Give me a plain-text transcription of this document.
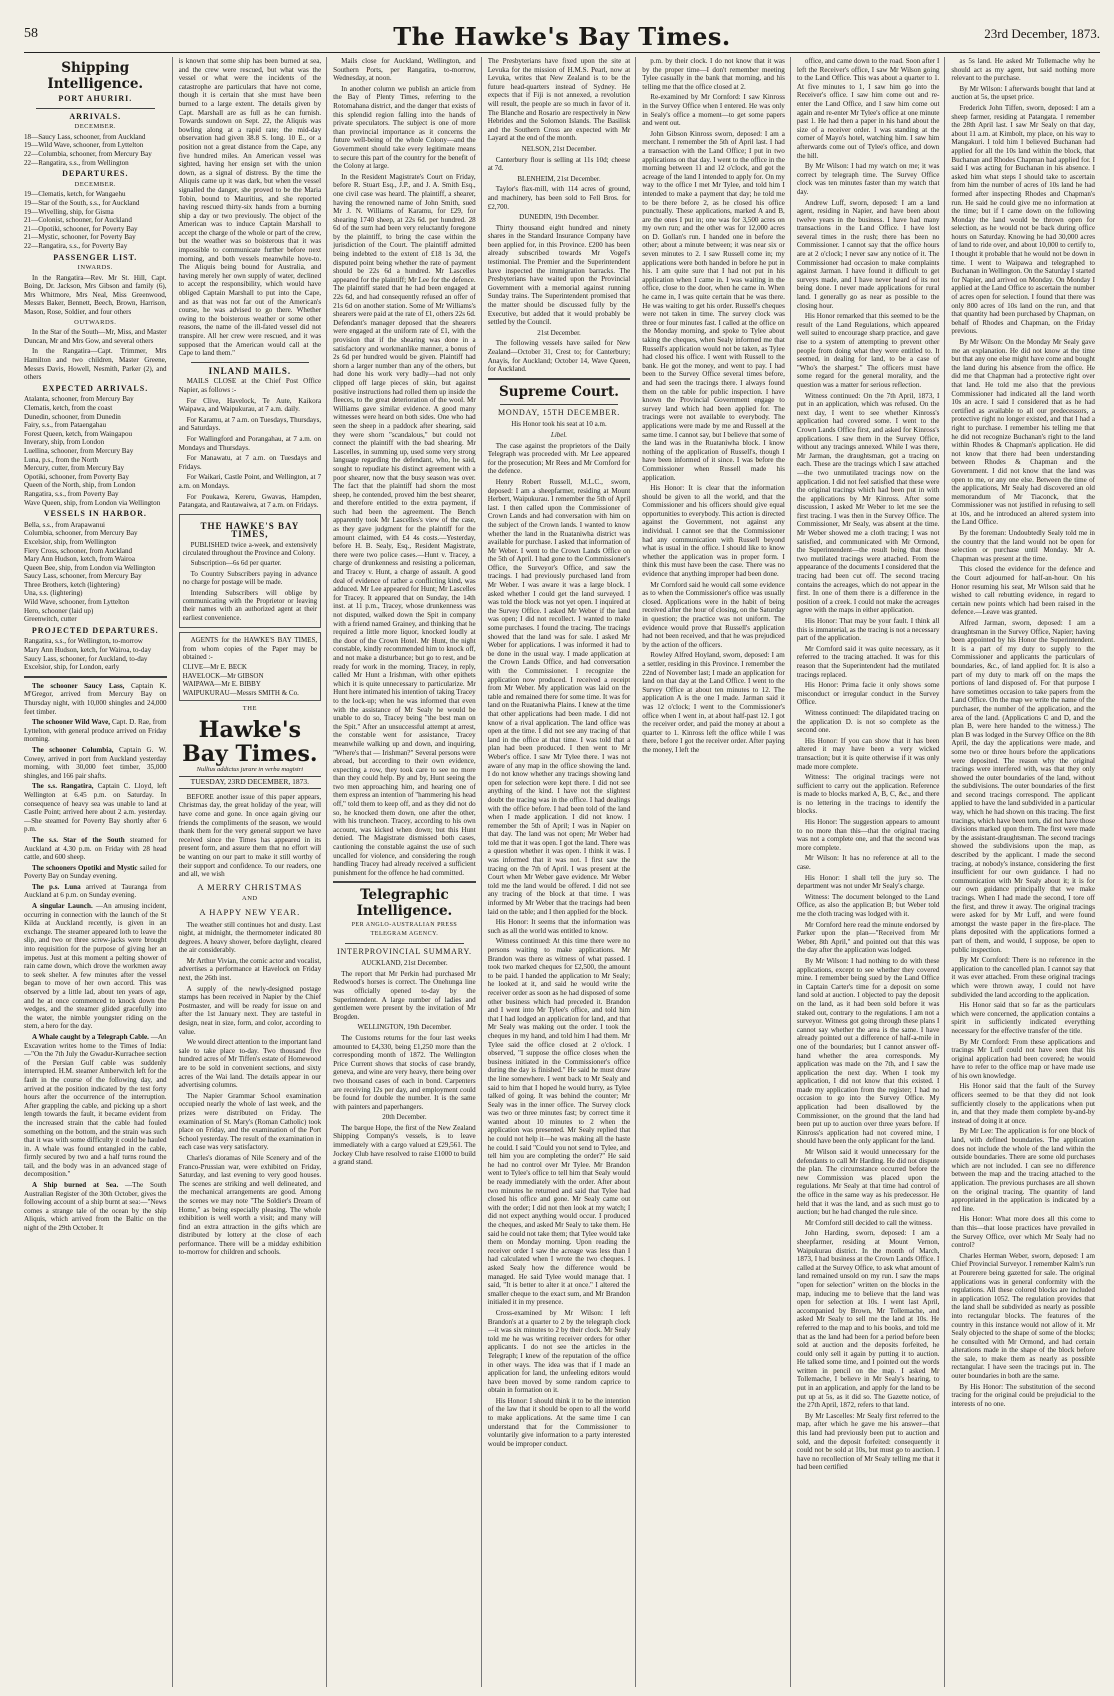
58	The Hawke's Bay Times.	23rd December, 1873.
Shipping Intelligence.
PORT AHURIRI.
ARRIVALS.
DECEMBER.

18—Saucy Lass, schooner, from Auckland

19—Wild Wave, schooner, from Lyttelton

22—Columbia, schooner, from Mercury Bay

22—Rangatira, s.s., from Wellington

DEPARTURES.
DECEMBER.

19—Clematis, ketch, for Wangaehu

19—Star of the South, s.s., for Auckland

19—Wivelling, ship, for Gisma

21—Colonist, schooner, for Auckland

21—Opotiki, schooner, for Poverty Bay

21—Mystic, schooner, for Poverty Bay

22—Rangatira, s.s., for Poverty Bay

PASSENGER LIST.
INWARDS.

In the Rangatira—Rev. Mr St. Hill, Capt. Boing, Dr. Jackson, Mrs Gibson and family (6), Mrs Whitmore, Mrs Neal, Miss Greenwood, Messrs Baker, Bennett, Beech, Brown, Harrison, Mason, Rose, Soldier, and four others

OUTWARDS.

In the Star of the South—Mr, Miss, and Master Duncan, Mr and Mrs Gow, and several others

In the Rangatira—Capt. Trimmer, Mrs Hamilton and two children, Master Greene, Messrs Davis, Howell, Nesmith, Parker (2), and others

EXPECTED ARRIVALS.

Atalanta, schooner, from Mercury Bay

Clematis, ketch, from the coast

Dunedin, schooner, from Dunedin

Fairy, s.s., from Pataengahau

Forest Queen, ketch, from Waingapou

Inverary, ship, from London

Luellina, schooner, from Mercury Bay

Luna, p.s., from the North

Mercury, cutter, from Mercury Bay

Opotiki, schooner, from Poverty Bay

Queen of the North, ship, from London

Rangatira, s.s., from Poverty Bay

Wave Queen, ship, from London via Wellington

VESSELS IN HARBOR.

Bella, s.s., from Arapawanui

Columbia, schooner, from Mercury Bay

Excelsior, ship, from Wellington

Fiery Cross, schooner, from Auckland

Mary Ann Hudson, ketch, from Wairoa

Queen Bee, ship, from London via Wellington

Saucy Lass, schooner, from Mercury Bay

Three Brothers, ketch (lightering)

Una, s.s. (lightering)

Wild Wave, schooner, from Lyttelton

Hero, schooner (laid up)

Greenwitch, cutter

PROJECTED DEPARTURES.

Rangatira, s.s., for Wellington, to-morrow

Mary Ann Hudson, ketch, for Wairoa, to-day

Saucy Lass, schooner, for Auckland, to-day

Excelsior, ship, for London, early

The schooner Saucy Lass, Captain K. M'Gregor, arrived from Mercury Bay on Thursday night, with 10,000 shingles and 24,000 feet timber.

The schooner Wild Wave, Capt. D. Rae, from Lyttelton, with general produce arrived on Friday morning.

The schooner Columbia, Captain G. W. Cowey, arrived in port from Auckland yesterday morning, with 30,000 feet timber, 35,000 shingles, and 166 pair shafts.

The s.s. Rangatira, Captain C. Lloyd, left Wellington at 6.45 p.m. on Saturday. In consequence of heavy sea was unable to land at Castle Point; arrived here about 2 a.m. yesterday.—She steamed for Poverty Bay shortly after 6 p.m.

The s.s. Star of the South steamed for Auckland at 4.30 p.m. on Friday with 28 head cattle, and 600 sheep.

The schooners Opotiki and Mystic sailed for Poverty Bay on Sunday evening.

The p.s. Luna arrived at Tauranga from Auckland at 6 p.m. on Sunday evening.

A singular Launch. —An amusing incident, occurring in connection with the launch of the St Kilda at Auckland recently, is given in an exchange. The steamer appeared loth to leave the slip, and two or three screw-jacks were brought into requisition for the purpose of giving her an impetus. Just at this moment a pelting shower of rain came down, which drove the workmen away to seek shelter. A few minutes after the vessel began to move of her own accord. This was observed by a little lad, about ten years of age, and he at once commenced to knock down the wedges, and the steamer glided gracefully into the water, the nimble youngster riding on the stem, a hero for the day.

A Whale caught by a Telegraph Cable. —An Excavation writes home to the Times of India:—"On the 7th July the Gwadur-Kurrachee section of the Persian Gulf cable was suddenly interrupted. H.M. steamer Amberwitch left for the fault in the course of the following day, and arrived at the position indicated by the test forty hours after the occurrence of the interruption. After grappling the cable, and picking up a short length towards the fault, it became evident from the increased strain that the cable had fouled something on the bottom, and the strain was such that it was with some difficulty it could be hauled in. A whale was found entangled in the cable, firmly secured by two and a half turns round the tail, and the body was in an advanced stage of decomposition."

A Ship burned at Sea. —The South Australian Register of the 30th October, gives the following account of a ship burnt at sea:—"News comes a strange tale of the ocean by the ship Aliquis, which arrived from the Baltic on the night of the 29th October. It

is known that some ship has been burned at sea, and the crew were rescued, but what was the vessel or what were the incidents of the catastrophe are particulars that have not come, though it is certain that she must have been burned to a large extent. The details given by Capt. Marshall are as full as he can furnish. Towards sundown on Sept. 22, the Aliquis was bowling along at a rapid rate; the mid-day observation had given 38.8 S. long. 10 E., or a position not a great distance from the Cape, any five hundred miles. An American vessel was sighted, having her ensign set with the union down, as a signal of distress. By the time the Aliquis came up it was dark, but when the vessel signalled the danger, she proved to be the Maria Tobin, bound to Mauritius, and she reported having rescued thirty-six hands from a burning ship a day or two previously. The object of the American was to induce Captain Marshall to accept the charge of the whole or part of the crew, but the weather was so boisterous that it was impossible to communicate further before next morning, and both vessels meanwhile hove-to. The Aliquis being bound for Australia, and having merely her own supply of water, declined to accept the responsibility, which would have obliged Captain Marshall to put into the Cape, and as that was not far out of the American's course, he was advised to go there. Whether owing to the boisterous weather or some other reasons, the name of the ill-fated vessel did not transpire. All her crew were rescued, and it was supposed that the American would call at the Cape to land them."

INLAND MAILS.

MAILS CLOSE at the Chief Post Office Napier, as follows :-

For Clive, Havelock, Te Aute, Kaikora Waipawa, and Waipukurau, at 7 a.m. daily.

For Karamu, at 7 a.m. on Tuesdays, Thursdays, and Saturdays.

For Wallingford and Porangahau, at 7 a.m. on Mondays and Thursdays.

For Manawatu, at 7 a.m. on Tuesdays and Fridays.

For Waikari, Castle Point, and Wellington, at 7 a.m. on Mondays.

For Poukawa, Kereru, Gwavas, Hampden, Patangata, and Rautawaiwa, at 7 a.m. on Fridays.

THE HAWKE'S BAY TIMES,

PUBLISHED twice a-week, and extensively circulated throughout the Province and Colony.

Subscription—6s 6d per quarter.

To Country Subscribers paying in advance no charge for postage will be made.

Intending Subscribers will oblige by communicating with the Proprietor or leaving their names with an authorized agent at their earliest convenience.

AGENTS for the HAWKE'S BAY TIMES, from whom copies of the Paper may be obtained :-

CLIVE—Mr E. BECK

HAVELOCK—Mr GIBSON

WAIPAWA—Mr E. BIBBY

WAIPUKURAU—Messrs SMITH & Co.

THE
Hawke's Bay Times.
Nullius addictus jurare in verba magistri
TUESDAY, 23RD DECEMBER, 1873.

BEFORE another issue of this paper appears, Christmas day, the great holiday of the year, will have come and gone. In once again giving our friends the compliments of the season, we would thank them for the very general support we have received since the Times has appeared in its present form, and assure them that no effort will be wanting on our part to make it still worthy of their support and confidence. To our readers, one and all, we wish

A MERRY CHRISTMAS
AND
A HAPPY NEW YEAR.

The weather still continues hot and dusty. Last night, at midnight, the thermometer indicated 80 degrees. A heavy shower, before daylight, cleared the air considerably.

Mr Arthur Vivian, the comic actor and vocalist, advertises a performance at Havelock on Friday next, the 26th inst.

A supply of the newly-designed postage stamps has been received in Napier by the Chief Postmaster, and will be ready for issue on and after the 1st January next. They are tasteful in design, neat in size, form, and color, according to value.

We would direct attention to the important land sale to take place to-day. Two thousand five hundred acres of Mr Tiffen's estate of Homewood are to be sold in convenient sections, and sixty acres of the Wai land. The details appear in our advertising columns.

The Napier Grammar School examination occupied nearly the whole of last week, and the prizes were distributed on Friday. The examination of St. Mary's (Roman Catholic) took place on Friday, and the examination of the Port School yesterday. The result of the examination in each case was very satisfactory.

Charles's dioramas of Nile Scenery and of the Franco-Prussian war, were exhibited on Friday, Saturday, and last evening to very good houses. The scenes are striking and well delineated, and the mechanical arrangements are good. Among the scenes we may note "The Soldier's Dream of Home," as being especially pleasing. The whole exhibition is well worth a visit; and many will find an extra attraction in the gifts which are distributed by lottery at the close of each performance. There will be a midday exhibition to-morrow for children and schools.

Mails close for Auckland, Wellington, and Southern Ports, per Rangatira, to-morrow, Wednesday, at noon.

In another column we publish an article from the Bay of Plenty Times, referring to the Rotomahana district, and the danger that exists of this splendid region falling into the hands of private speculators. The subject is one of more than provincial importance as it concerns the future well-being of the whole Colony—and the Government should take every legitimate means to secure this part of the country for the benefit of the Colony at large.

In the Resident Magistrate's Court on Friday, before R. Stuart Esq., J.P., and J. A. Smith Esq., one civil case was heard. The plaintiff, a shearer, having the renowned name of John Smith, sued Mr J. N. Williams of Karamu, for £29, for shearing 1740 sheep, at 22s 6d. per hundred. 28 6d of the sum had been very reluctantly foregone by the plaintiff, to bring the case within the jurisdiction of the Court. The plaintiff admitted being indebted to the extent of £18 1s 3d, the disputed point being whether the rate of payment should be 22s 6d a hundred. Mr Lascelles appeared for the plaintiff; Mr Lee for the defence. The plaintiff stated that he had been engaged at 22s 6d, and had consequently refused an offer of 21s 6d on another station. Some of Mr Williams's shearers were paid at the rate of £1, others 22s 6d. Defendant's manager deposed that the shearers were engaged at the uniform rate of £1, with the provision that if the shearing was done in a satisfactory and workmanlike manner, a bonus of 2s 6d per hundred would be given. Plaintiff had shorn a larger number than any of the others, but had done his work very badly—had not only clipped off large pieces of skin, but against positive instructions had rolled them up inside the fleeces, to the great deterioration of the wool. Mr Williams gave similar evidence. A good many witnesses were heard on both sides. One who had seen the sheep in a paddock after shearing, said they were shorn "scandalous," but could not connect the plaintiff with the bad shearing. Mr Lascelles, in summing up, used some very strong language regarding the defendant, who, he said, sought to repudiate his distinct agreement with a poor shearer, now that the busy season was over. The fact that the plaintiff had shorn the most sheep, he contended, proved him the best shearer, and therefore entitled to the extra payment, if such had been the agreement. The Bench apparently took Mr Lascelles's view of the case, as they gave judgment for the plaintiff for the amount claimed, with £4 4s costs.—Yesterday, before H. B. Sealy, Esq., Resident Magistrate, there were two police cases.—Hunt v. Tracey, a charge of drunkenness and resisting a policeman, and Tracey v. Hunt, a charge of assault. A good deal of evidence of rather a conflicting kind, was adduced. Mr Lee appeared for Hunt; Mr Lascelles for Tracey. It appeared that on Sunday, the 14th inst. at 11 p.m., Tracey, whose drunkenness was not disputed, walked down the Spit in company with a friend named Grainey, and thinking that he required a little more liquor, knocked loudly at the door of the Crown Hotel. Mr Hunt, the night constable, kindly recommended him to knock off, and not make a disturbance; but go to rest, and be ready for work in the morning. Tracey, in reply, called Mr Hunt a Irishman, with other epithets which it is quite unnecessary to particularize. Mr Hunt here intimated his intention of taking Tracey to the lock-up; when he was informed that even with the assistance of Mr Sealy he would be unable to do so, Tracey being "the best man on the Spit." After an unsuccessful attempt at arrest, the constable went for assistance, Tracey meanwhile walking up and down, and inquiring, "Where's that — Irishman?" Several persons were abroad, but according to their own evidence, expecting a row, they took care to see no more than they could help. By and by, Hunt seeing the two men approaching him, and hearing one of them express an intention of "hammering his head off," told them to keep off, and as they did not do so, he knocked them down, one after the other, with his truncheon. Tracey, according to his own account, was kicked when down; but this Hunt denied. The Magistrate dismissed both cases, cautioning the constable against the use of such uncalled for violence, and considering the rough handling Tracey had already received a sufficient punishment for the offence he had committed.

Telegraphic Intelligence.
PER ANGLO-AUSTRALIAN PRESS TELEGRAM AGENCY.
INTERPROVINCIAL SUMMARY.
AUCKLAND, 21st December.

The report that Mr Perkin had purchased Mr Redwood's horses is correct. The Onehunga line was officially opened to-day by the Superintendent. A large number of ladies and gentlemen were present by the invitation of Mr Brogden.

WELLINGTON, 19th December.

The Customs returns for the four last weeks amounted to £4,330, being £1,250 more than the corresponding month of 1872. The Wellington Price Current shows that stocks of case brandy, geneva, and wine are very heavy, there being over two thousand cases of each in bond. Carpenters are receiving 12s per day, and employment could be found for double the number. It is the same with painters and paperhangers.

20th December.

The barque Hope, the first of the New Zealand Shipping Company's vessels, is to leave immediately with a cargo valued at £29,561. The Jockey Club have resolved to raise £1000 to build a grand stand.

The Presbyterians have fixed upon the site at Levuka for the mission of H.M.S. Pearl, now at Levuka, writes that New Zealand is to be the future head-quarters instead of Sydney. He expects that if Fiji is not annexed, a revolution will result, the people are so much in favor of it. The Blanche and Rosario are respectively in New Hebrides and the Solomon Islands. The Basilisk and the Southern Cross are expected with Mr Layard at the end of the month.

NELSON, 21st December.

Canterbury flour is selling at 11s 10d; cheese at 7d.

BLENHEIM, 21st December.

Taylor's flax-mill, with 114 acres of ground, and machinery, has been sold to Fell Bros. for £2,700.

DUNEDIN, 19th December.

Thirty thousand eight hundred and ninety shares in the Standard Insurance Company have been applied for, in this Province. £200 has been already subscribed towards Mr Vogel's testimonial. The Premier and the Superintendent have inspected the immigration barracks. The Presbyterians have waited upon the Provincial Government with a memorial against running Sunday trains. The Superintendent promised that the matter should be discussed fully by the Executive, but added that it would probably be settled by the Council.

21st December.

The following vessels have sailed for New Zealand—October 31, Crest to; for Canterbury; Anayis, for Auckland; October 14, Wave Queen, for Auckland.

Supreme Court.
MONDAY, 15TH DECEMBER.
His Honor took his seat at 10 a.m.
Libel.

The case against the proprietors of the Daily Telegraph was proceeded with. Mr Lee appeared for the prosecution; Mr Rees and Mr Cornford for the defence.

Henry Robert Russell, M.L.C., sworn, deposed: I am a sheepfarmer, residing at Mount Herbert, Waipukurau. I remember the 5th of April last. I then called upon the Commissioner of Crown Lands and had conversation with him on the subject of the Crown lands. I wanted to know whether the land in the Ruataniwha district was available for purchase. I asked that information of Mr Weber. I went to the Crown Lands Office on the 5th of April. I had gone to the Commissioner's Office, the Surveyor's Office, and saw the tracings. I had previously purchased land from Mr Weber. I was aware it was a large block. I asked whether I could get the land surveyed. I was told the block was not yet open. I inquired at the Survey Office. I asked Mr Weber if the land was open; I did not recollect. I wanted to make some purchases. I found the tracing. The tracings showed that the land was for sale. I asked Mr Weber for applications. I was informed it had to be done in the usual way. I made application at the Crown Lands Office, and had conversation with the Commissioner. I recognize the application now produced. I received a receipt from Mr Weber. My application was laid on the table and remained there for some time. It was for land on the Ruataniwha Plains. I knew at the time that other applications had been made. I did not know of a rival application. The land office was open at the time. I did not see any tracing of that land in the office at that time. I was told that a plan had been produced. I then went to Mr Weber's office. I saw Mr Tylee there. I was not aware of any map in the office showing the land. I do not know whether any tracings showing land open for selection were kept there. I did not see anything of the kind. I have not the slightest doubt the tracing was in the office. I had dealings with the office before. I had been told of the land when I made application. I did not know. I remember the 5th of April; I was in Napier on that day. The land was not open; Mr Weber had told me that it was open. I got the land. There was a question whether it was open. I think it was. I was informed that it was not. I first saw the tracing on the 7th of April. I was present at the Court when Mr Weber gave evidence. Mr Weber told me the land would be offered. I did not see any tracing of the block at that time. I was informed by Mr Weber that the tracings had been laid on the table; and I then applied for the block.

His Honor: It seems that the information was such as all the world was entitled to know.

Witness continued: At this time there were no persons waiting to make applications. Mr Brandon was there as witness of what passed. I took two marked cheques for £2,500, the amount to be paid. I handed the application to Mr Sealy; he looked at it, and said he would write the receiver order as soon as he had disposed of some other business which had preceded it. Brandon and I went into Mr Tylee's office, and told him that I had lodged an application for land, and that Mr Sealy was making out the order. I took the cheques in my hand, and told him I had them. Mr Tylee said the office closed at 2 o'clock. I observed, "I suppose the office closes when the business initiated in the Commissioner's office during the day is finished." He said he must draw the line somewhere. I went back to Mr Sealy and said to him that I hoped he would hurry, as Tylee talked of going. It was behind the counter; Mr Sealy was in the inner office. The Survey clock was two or three minutes fast; by correct time it wanted about 10 minutes to 2 when the application was presented. Mr Sealy replied that he could not help it—he was making all the haste he could. I said "Could you not send to Tylee, and tell him you are completing the order?" He said he had no control over Mr Tylee. Mr Brandon went to Tylee's office to tell him that Sealy would be ready immediately with the order. After about two minutes he returned and said that Tylee had closed his office and gone. Mr Sealy came out with the order; I did not then look at my watch; I did not expect anything would occur. I produced the cheques, and asked Mr Sealy to take them. He said he could not take them; that Tylee would take them on Monday morning. Upon reading the receiver order I saw the acreage was less than I had calculated when I wrote the two cheques. I asked Sealy how the difference would be managed. He said Tylee would manage that. I said, "It is better to alter it at once." I altered the smaller cheque to the exact sum, and Mr Brandon initialed it in my presence.

Cross-examined by Mr Wilson: I left Brandon's at a quarter to 2 by the telegraph clock—it was six minutes to 2 by their clock. Mr Sealy told me he was writing receiver orders for other applicants. I do not see the articles in the Telegraph; I knew of the reputation of the office in other ways. The idea was that if I made an application for land, the unfeeling editors would have been moved by some random caprice to obtain in formation on it.

His Honor: I should think it to be the intention of the law that it should be open to all the world to make applications. At the same time I can understand that for the Commissioner to voluntarily give information to a party interested would be improper conduct.

p.m. by their clock. I do not know that it was by the proper time—I don't remember meeting Tylee casually in the bank that morning, and his telling me that the office closed at 2.

Re-examined by Mr Cornford: I saw Kinross in the Survey Office when I entered. He was only in Sealy's office a moment—to get some papers and went out.

John Gibson Kinross sworn, deposed: I am a merchant. I remember the 5th of April last. I had a transaction with the Land Office; I put in two applications on that day. I went to the office in the morning between 11 and 12 o'clock, and got the acreage of the land I intended to apply for. On my way to the office I met Mr Tylee, and told him I intended to make a payment that day; he told me to be there before 2, as he closed his office punctually. These applications, marked A and B, are the ones I put in; one was for 3,500 acres on my own run; and the other was for 12,000 acres on D. Gollan's run. I handed one in before the other; about a minute between; it was near six or seven minutes to 2. I saw Russell come in; my applications were both handed in before he put in his. I am quite sure that I had not put in his application when I came in. I was waiting in the office, close to the door, when he came in. When he came in, I was quite certain that he was there. He was waiting to get his order. Russell's cheques were not taken in time. The survey clock was three or four minutes fast. I called at the office on the Monday morning, and spoke to Tylee about taking the cheques, when Sealy informed me that Russell's application would not be taken, as Tylee had closed his office. I went with Russell to the bank. He got the money, and went to pay. I had been to the Survey Office several times before, and had seen the tracings there. I always found them on the table for public inspection. I have known the Provincial Government engage to survey land which had been applied for. The tracings were not available to everybody. The applications were made by me and Russell at the same time. I cannot say, but I believe that some of the land was in the Ruataniwha block. I know nothing of the application of Russell's, though I have been informed of it since. I was before the Commissioner when Russell made his application.

His Honor: It is clear that the information should be given to all the world, and that the Commissioner and his officers should give equal opportunities to everybody. This action is directed against the Government, not against any individual. I cannot see that the Commissioner had any communication with Russell beyond what is usual in the office. I should like to know whether the application was in proper form. I think this must have been the case. There was no evidence that anything improper had been done.

Mr Cornford said he would call some evidence as to when the Commissioner's office was usually closed. Applications were in the habit of being received after the hour of closing, on the Saturday in question; the practice was not uniform. The evidence would prove that Russell's application had not been received, and that he was prejudiced by the action of the officers.

Rowley Alfred Hoyland, sworn, deposed: I am a settler, residing in this Province. I remember the 22nd of November last; I made an application for land on that day at the Land Office. I went to the Survey Office at about ten minutes to 12. The application A is the one I made. Jarman said it was 12 o'clock; I went to the Commissioner's office when I went in, at about half-past 12. I got the receiver order, and paid the money at about a quarter to 1. Kinross left the office while I was there, before I got the receiver order. After paying the money, I left the

office, and came down to the road. Soon after I left the Receiver's office, I saw Mr Wilson going to the Land Office. This was about a quarter to 1. At five minutes to 1, I saw him go into the Receiver's office. I saw him come out and re-enter the Land Office, and I saw him come out again and re-enter Mr Tylee's office at one minute past 1. He had then a paper in his hand about the size of a receiver order. I was standing at the corner of Mayo's hotel, watching him. I saw him afterwards come out of Tylee's office, and down the hill.

By Mr Wilson: I had my watch on me; it was correct by telegraph time. The Survey Office clock was ten minutes faster than my watch that day.

Andrew Luff, sworn, deposed: I am a land agent, residing in Napier, and have been about twelve years in the business. I have had many transactions in the Land Office. I have lost several times in the rush; there has been no Commissioner. I cannot say that the office hours are at 2 o'clock; I never saw any notice of it. The Commissioner had occasion to make complaints against Jarman. I have found it difficult to get surveys made, and I have never heard of its not being done. I never made applications for rural land. I generally go as near as possible to the closing hour.

His Honor remarked that this seemed to be the result of the Land Regulations, which appeared well suited to encourage sharp practice, and gave rise to a system of attempting to prevent other people from doing what they were entitled to. It seemed, in dealing for land, to be a case of "Who's the sharpest." The officers must have some regard for the general morality, and the question was a matter for serious reflection.

Witness continued: On the 7th April, 1873, I put in an application, which was refused. On the next day, I went to see whether Kinross's application had covered some. I went to the Crown Lands Office first, and asked for Kinross's applications. I saw them in the Survey Office, without any tracings annexed. While I was there, Mr Jarman, the draughtsman, got a tracing on each. These are the tracings which I saw attached—the two unmutilated tracings now on the application. I did not feel satisfied that these were the original tracings which had been put in with the applications by Mr Kinross. After some discussion, I asked Mr Weber to let me see the first tracing. I was then in the Survey Office. The Commissioner, Mr Sealy, was absent at the time. Mr Weber showed me a cloth tracing; I was not satisfied, and communicated with Mr Ormond, the Superintendent—the result being that those two mutilated tracings were attached. From the appearance of the documents I considered that the tracing had been cut off. The second tracing contains the acreages, which do not appear in the first. In one of them there is a difference in the position of a creek. I could not make the acreages agree with the maps in either application.

His Honor: That may be your fault. I think all this is immaterial, as the tracing is not a necessary part of the application.

Mr Cornford said it was quite necessary, as it referred to the tracing attached. It was for this reason that the Superintendent had the mutilated tracings replaced.

His Honor: Prima facie it only shows some misconduct or irregular conduct in the Survey Office.

Witness continued: The dilapidated tracing on the application D. is not so complete as the second one.

His Honor: If you can show that it has been altered it may have been a very wicked transaction; but it is quite otherwise if it was only made more complete.

Witness: The original tracings were not sufficient to carry out the application. Reference is made to blocks marked A, B, C, &c., and there is no lettering in the tracings to identify the blocks.

His Honor: The suggestion appears to amount to no more than this—that the original tracing was not a complete one, and that the second was more complete.

Mr Wilson: It has no reference at all to the case.

His Honor: I shall tell the jury so. The department was not under Mr Sealy's charge.

Witness: The document belonged to the Land Office, as also the application B; but Weber told me the cloth tracing was lodged with it.

Mr Cornford here read the minute endorsed by Parker upon the plan—"Received from Mr Weber, 8th April," and pointed out that this was the day after the application was lodged.

By Mr Wilson: I had nothing to do with these applications, except to see whether they covered mine. I remember being sued by the Land Office in Captain Carter's time for a deposit on some land sold at auction. I objected to pay the deposit on the land, as it had been sold before it was staked out, contrary to the regulations. I am not a surveyor. Witness got going through these plans I cannot say whether the area is the same. I have already pointed out a difference of half-a-mile in one of the boundaries; but I cannot answer off-hand whether the area corresponds. My application was made on the 7th, and I saw the application the next day. When I took my application, I did not know that this existed. I made my application from the register; I had no occasion to go into the Survey Office. My application had been disallowed by the Commissioner, on the ground that the land had been put up to auction over three years before. If Kinross's application had not covered mine, I should have been the only applicant for the land.

Mr Wilson said it would unnecessary for the defendants to call Mr Harding. He did not dispute the plan. The circumstance occurred before the new Commission was placed upon the regulations. Mr Sealy at that time had control of the office in the same way as his predecessor. He held that it was the land, and as such must go to auction; but he had changed the rule since.

Mr Cornford still decided to call the witness.

John Harding, sworn, deposed: I am a sheepfarmer, residing at Mount Vernon, Waipukurau district. In the month of March, 1873, I had business at the Crown Lands Office. I called at the Survey Office, to ask what amount of land remained unsold on my run. I saw the maps "open for selection" written on the blocks in the map, inducing me to believe that the land was open for selection at 10s. I went last April, accompanied by Brown, Mr Tollemache, and asked Mr Sealy to sell me the land at 10s. He referred to the map and to his books, and told me that as the land had been for a period before been sold at auction and the deposits forfeited, he could only sell it again by putting it to auction. He talked some time, and I pointed out the words written in pencil on the map. I asked Mr Tollemache, I believe in Mr Sealy's hearing, to put in an application, and apply for the land to be put up at 5s, as it did so. The Gazette notice, of the 27th April, 1872, refers to that land.

By Mr Lascelles: Mr Sealy first referred to the map, after which he gave me his answer—that this land had previously been put to auction and sold, and the deposit forfeited: consequently it could not be sold at 10s, but must go to auction. I have no recollection of Mr Sealy telling me that it had been certified

as 5s land. He asked Mr Tollemache why he should act as my agent, but said nothing more relevant to the purchase.

By Mr Wilson: I afterwards bought that land at auction at 5s, the upset price.

Frederick John Tiffen, sworn, deposed: I am a sheep farmer, residing at Patangata. I remember the 28th April last. I saw Mr Sealy on that day, about 11 a.m. at Kimbolt, my place, on his way to Mangakuri. I told him I believed Buchanan had applied for all the 10s land within the block, that Buchanan and Rhodes Chapman had applied for. I said I was acting for Buchanan in his absence. I asked him what steps I should take to ascertain from him the number of acres of 10s land he had formed after inspecting Rhodes and Chapman's run. He said he could give me no information at the time; but if I came down on the following Monday the land would be thrown open for selection, as he would not be back during office hours on Saturday. Knowing he had 30,000 acres of land to ride over, and about 10,000 to certify to, I thought it probable that he would not be down in time. I went to Waipawa and telegraphed to Buchanan in Wellington. On the Saturday I started for Napier, and arrived on Monday. On Monday I applied at the Land Office to ascertain the number of acres open for selection. I found that there was only 800 acres of 10s land on the run, and that that quantity had been purchased by Chapman, on behalf of Rhodes and Chapman, on the Friday previous.

By Mr Wilson: On the Monday Mr Sealy gave me an explanation. He did not know at the time but that any one else might have come and bought the land during his absence from the office. He did me that Chapman had a protective right over that land. He told me also that the previous Commissioner had indicated all the land worth 10s an acre. I said I considered that as he had certified as available to all our predecessors, a protective right no longer existed, and that I had a right to purchase. I remember his telling me that he did not recognize Buchanan's right to the land within Rhodes & Chapman's application. He did not know that there had been understanding between Rhodes & Chapman and the Government. I did not know that the land was open to me, or any one else. Between the time of the applications, Mr Sealy had discovered an old memorandum of Mr Tiaconck, that the Commissioner was not justified in refusing to sell at 10s, and he introduced an altered system into the Land Office.

By the foreman: Undoubtedly Sealy told me in the country that the land would not be open for selection or purchase until Monday. Mr A. Chapman was present at the time.

This closed the evidence for the defence and the Court adjourned for half-an-hour. On his Honor resuming his seat, Mr Wilson said that he wished to call rebutting evidence, in regard to certain new points which had been raised in the defence.—Leave was granted.

Alfred Jarman, sworn, deposed: I am a draughtsman in the Survey Office, Napier; having been appointed by his Honor the Superintendent. It is a part of my duty to supply to the Commissioner and applicants the particulars of boundaries, &c., of land applied for. It is also a part of my duty to mark off on the maps the portions of land disposed of. For that purpose I have sometimes occasion to take papers from the Land Office. On the map we write the name of the purchaser, the number of the application, and the area of the land. (Applications C and D, and the plan B, were here handed to the witness.) The plan B was lodged in the Survey Office on the 8th April, the day the applications were made, and some two or three hours before the applications were deposited. The reason why the original tracings were interfered with, was that they only showed the outer boundaries of the land, without the subdivisions. The outer boundaries of the first and second tracings correspond. The applicant applied to have the land subdivided in a particular way, which he had shown on this tracing. The first tracings, which have been torn, did not have those divisions marked upon them. The first were made by the assistant-draughtsman. The second tracings showed the subdivisions upon the map, as described by the applicant. I made the second tracing, at nobody's instance, considering the first insufficient for our own guidance. I had no communication with Mr Sealy about it; it is for our own guidance principally that we make tracings. When I had made the second, I tore off the first, and threw it away. The original tracings were asked for by Mr Luff, and were found amongst the waste paper in the fire-place. The plans deposited with the applications formed a part of them, and would, I suppose, be open to public inspection.

By Mr Cornford: There is no reference in the application to the cancelled plan. I cannot say that it was ever attached. From these original tracings which were thrown away, I could not have subdivided the land according to the application.

His Honor said that so far as the particulars which were concerned, the application contains a spirit in sufficiently indicated everything necessary for the effective transfer of the title.

By Mr Cornford: From these applications and tracings Mr Luff could not have seen that his original application had been covered; he would have to refer to the office map or have made use of his own knowledge.

His Honor said that the fault of the Survey officers seemed to be that they did not look sufficiently closely to the applications when put in, and that they made them complete by-and-by instead of doing it at once.

By Mr Lee: The application is for one block of land, with defined boundaries. The application does not include the whole of the land within the outside boundaries. There are some old purchases which are not included. I can see no difference between the map and the tracing attached to the application. The previous purchases are all shown on the original tracing. The quantity of land appropriated in the application is indicated by a red line.

His Honor: What more does all this come to than this—that loose practices have prevailed in the Survey Office, over which Mr Sealy had no control?

Charles Herman Weber, sworn, deposed: I am Chief Provincial Surveyor. I remember Kalm's run at Pourerere being gazetted for sale. The original applications was in general conformity with the regulations. All these colored blocks are included in application 1052. The regulation provides that the land shall be subdivided as nearly as possible into rectangular blocks. The features of the country in this instance would not allow of it. Mr Sealy objected to the shape of some of the blocks; he consulted with Mr Ormond, and had certain alterations made in the shape of the block before the sale, to make them as nearly as possible rectangular. I have seen the tracings put in. The outer boundaries in both are the same.

By His Honor: The substitution of the second tracing for the original could be prejudicial to the interests of no one.
